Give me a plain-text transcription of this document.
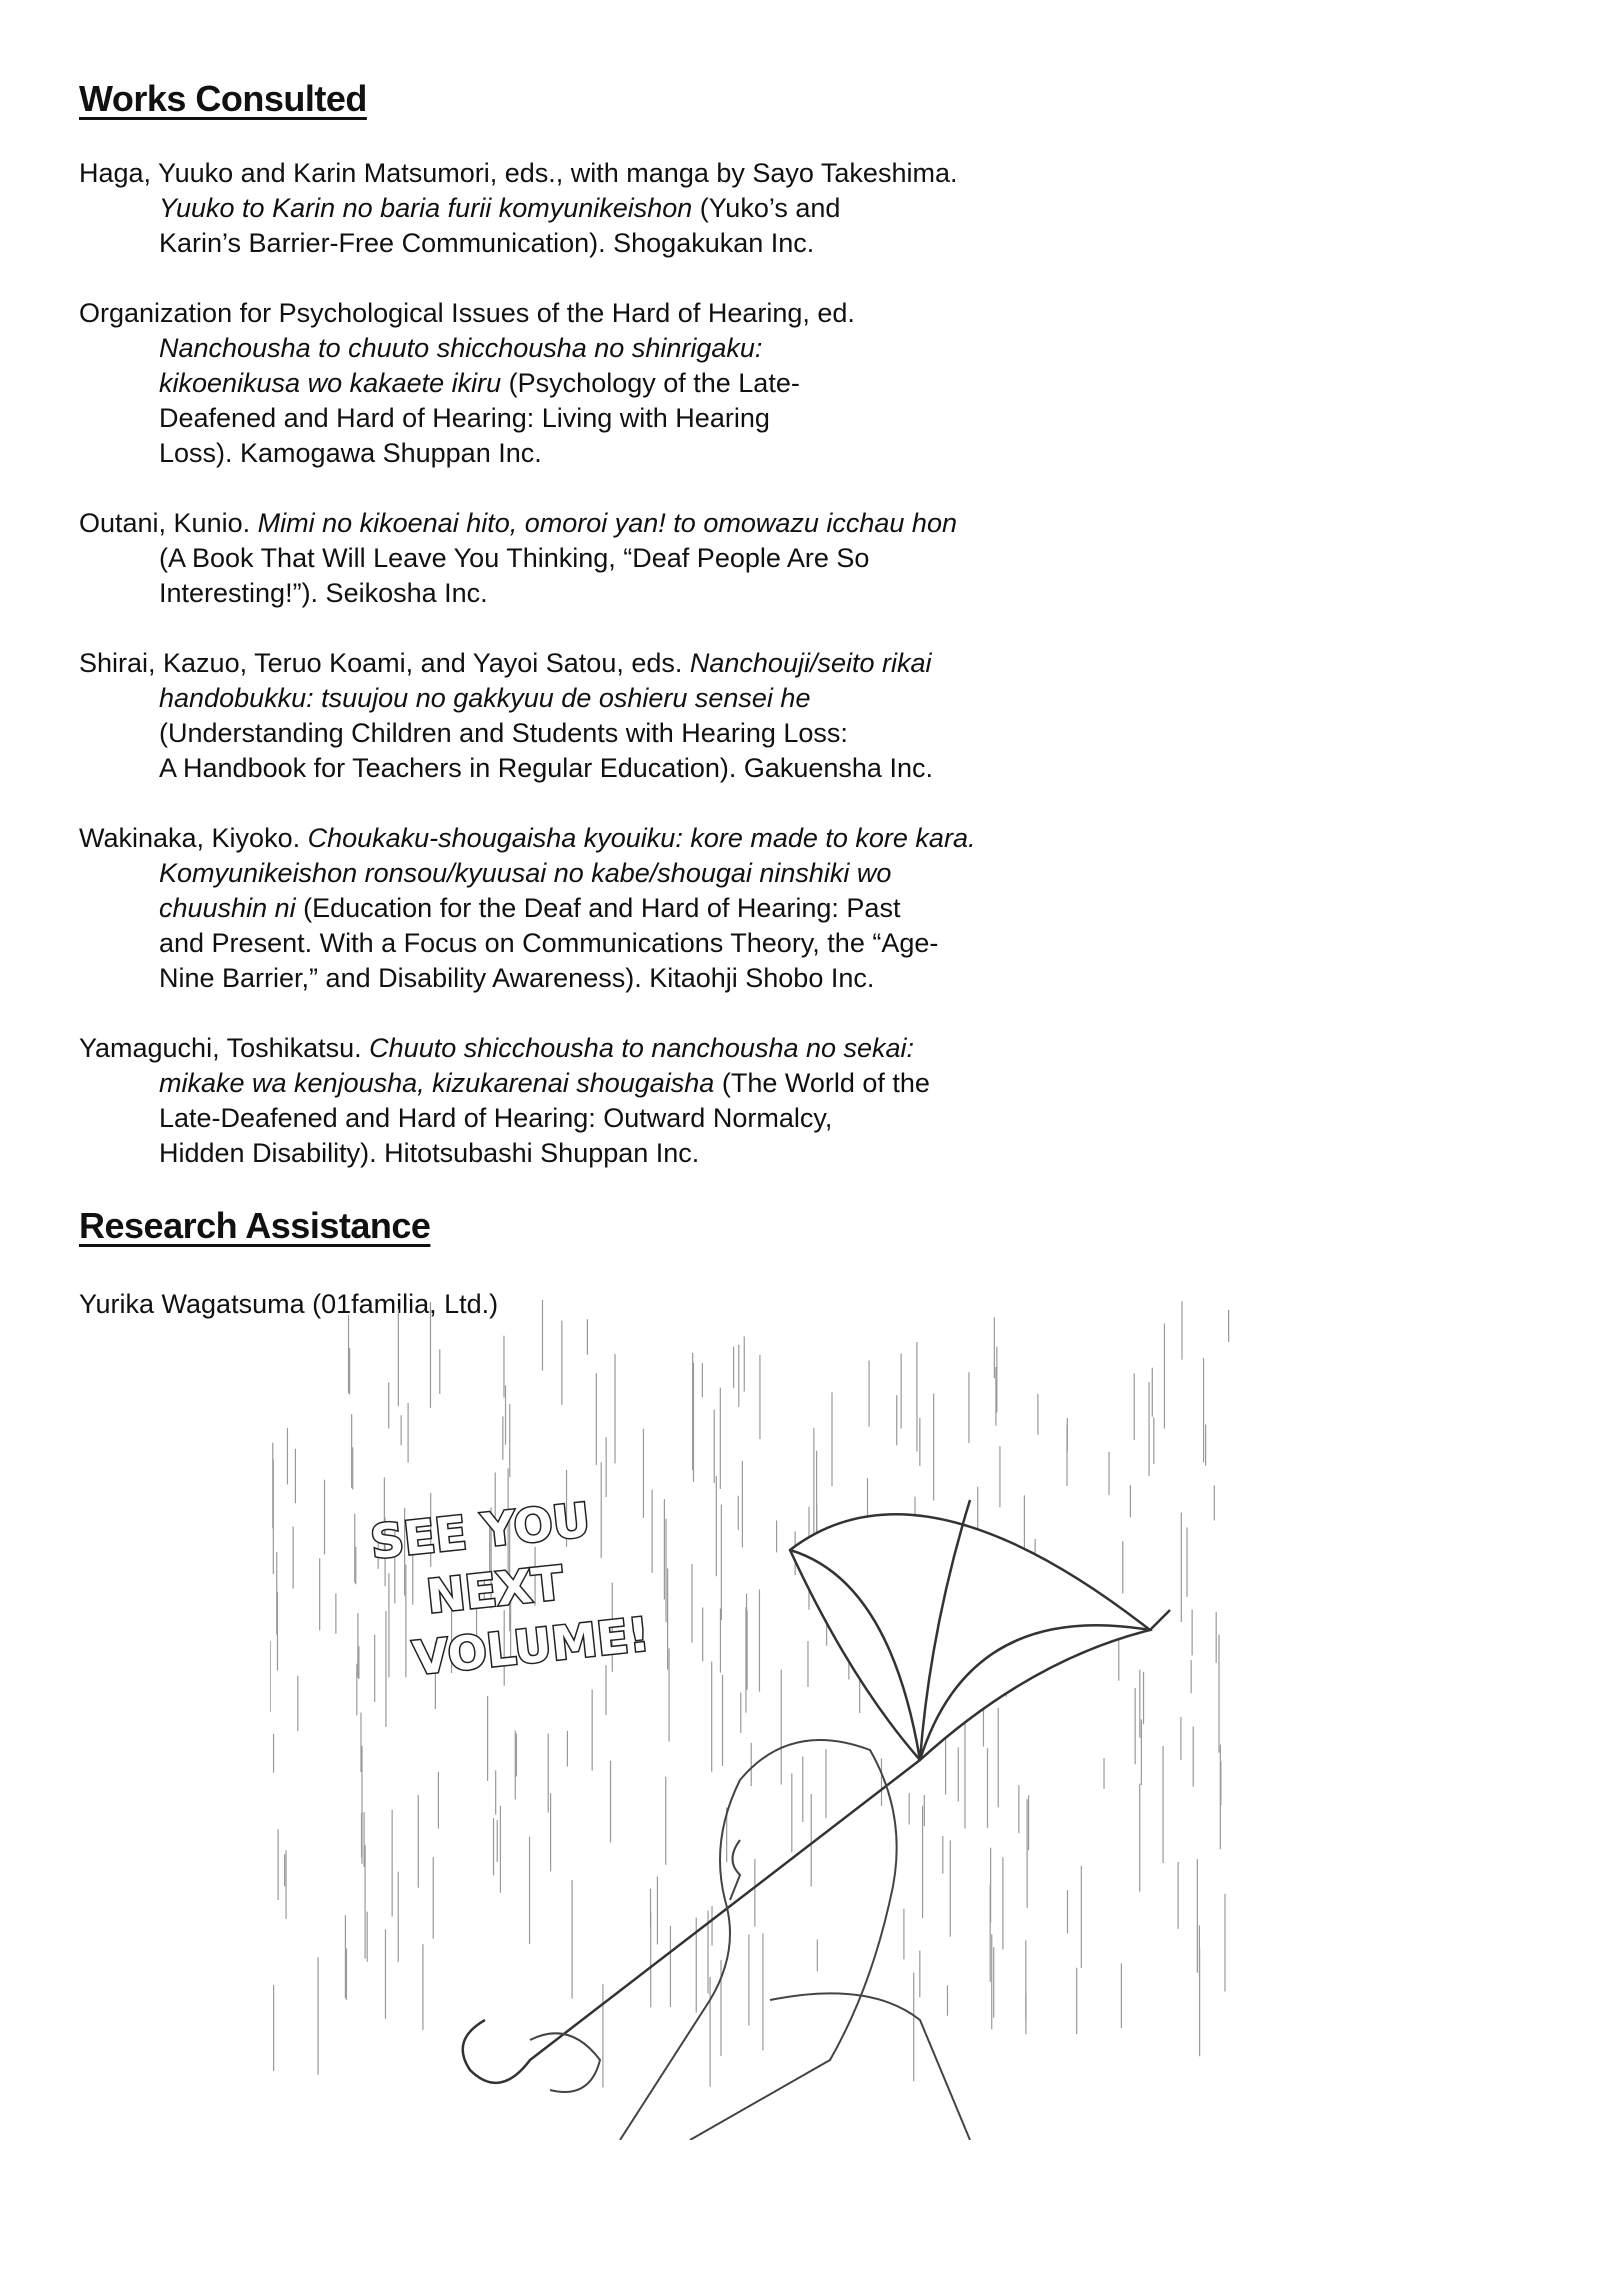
Works Consulted
Haga, Yuuko and Karin Matsumori, eds., with manga by Sayo Takeshima.
Yuuko to Karin no baria furii komyunikeishon (Yuko’s and
Karin’s Barrier-Free Communication). Shogakukan Inc.
Organization for Psychological Issues of the Hard of Hearing, ed.
Nanchousha to chuuto shicchousha no shinrigaku:
kikoenikusa wo kakaete ikiru (Psychology of the Late-
Deafened and Hard of Hearing: Living with Hearing
Loss). Kamogawa Shuppan Inc.
Outani, Kunio. Mimi no kikoenai hito, omoroi yan! to omowazu icchau hon
(A Book That Will Leave You Thinking, “Deaf People Are So
Interesting!”). Seikosha Inc.
Shirai, Kazuo, Teruo Koami, and Yayoi Satou, eds. Nanchouji/seito rikai
handobukku: tsuujou no gakkyuu de oshieru sensei he
(Understanding Children and Students with Hearing Loss:
A Handbook for Teachers in Regular Education). Gakuensha Inc.
Wakinaka, Kiyoko. Choukaku-shougaisha kyouiku: kore made to kore kara.
Komyunikeishon ronsou/kyuusai no kabe/shougai ninshiki wo
chuushin ni (Education for the Deaf and Hard of Hearing: Past
and Present. With a Focus on Communications Theory, the “Age-
Nine Barrier,” and Disability Awareness). Kitaohji Shobo Inc.
Yamaguchi, Toshikatsu. Chuuto shicchousha to nanchousha no sekai:
mikake wa kenjousha, kizukarenai shougaisha (The World of the
Late-Deafened and Hard of Hearing: Outward Normalcy,
Hidden Disability). Hitotsubashi Shuppan Inc.
Research Assistance
Yurika Wagatsuma (01familia, Ltd.)
SEE YOU
NEXT
VOLUME!
